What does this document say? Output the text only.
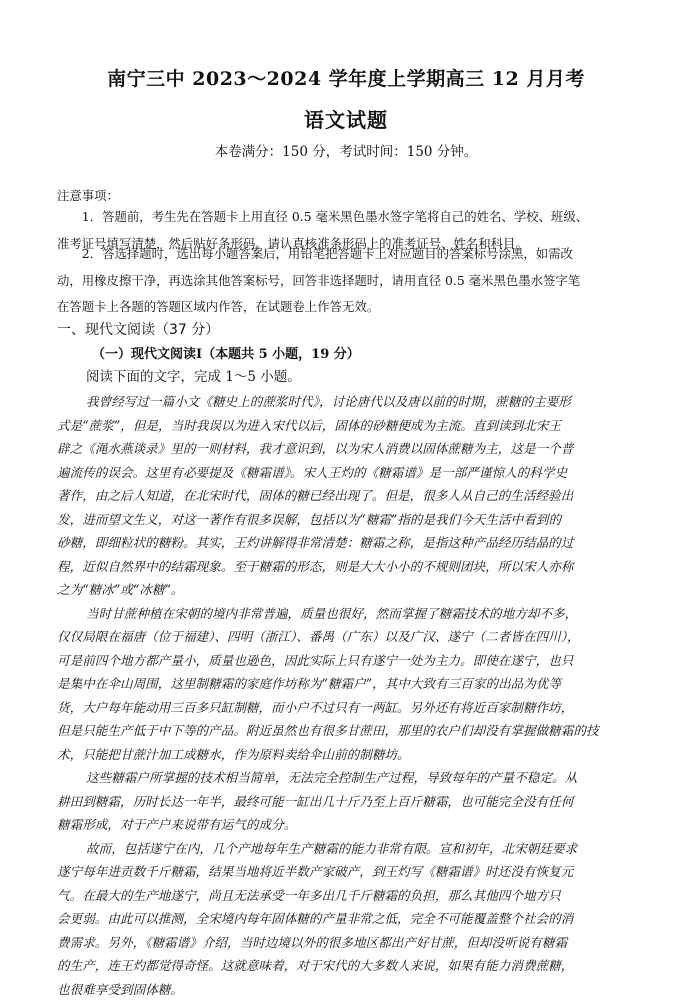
南宁三中 2023～2024 学年度上学期高三 12 月月考
语文试题
本卷满分：150 分，考试时间：150 分钟。
注意事项：
1．答题前，考生先在答题卡上用直径 0.5 毫米黑色墨水签字笔将自己的姓名、学校、班级、
准考证号填写清楚，然后贴好条形码。请认真核准条形码上的准考证号、姓名和科目。
2．答选择题时，选出每小题答案后，用铅笔把答题卡上对应题目的答案标号涂黑，如需改
动，用橡皮擦干净，再选涂其他答案标号，回答非选择题时，请用直径 0.5 毫米黑色墨水签字笔
在答题卡上各题的答题区域内作答，在试题卷上作答无效。
一、现代文阅读（37 分）
（一）现代文阅读Ⅰ（本题共 5 小题，19 分）
阅读下面的文字，完成 1～5 小题。
我曾经写过一篇小文《糖史上的蔗浆时代》，讨论唐代以及唐以前的时期，蔗糖的主要形
式是“蔗浆”，但是，当时我误以为进入宋代以后，固体的砂糖便成为主流。直到读到北宋王
辟之《渑水燕谈录》里的一则材料，我才意识到，以为宋人消费以固体蔗糖为主，这是一个普
遍流传的误会。这里有必要提及《糖霜谱》。宋人王灼的《糖霜谱》是一部严谨惊人的科学史
著作，由之后人知道，在北宋时代，固体的糖已经出现了。但是，很多人从自己的生活经验出
发，进而望文生义，对这一著作有很多误解，包括以为“糖霜”指的是我们今天生活中看到的
砂糖，即细粒状的糖粉。其实，王灼讲解得非常清楚：糖霜之称，是指这种产品经历结晶的过
程，近似自然界中的结霜现象。至于糖霜的形态，则是大大小小的不规则团块，所以宋人亦称
之为“糖冰”或“冰糖”。
当时甘蔗种植在宋朝的境内非常普遍，质量也很好，然而掌握了糖霜技术的地方却不多，
仅仅局限在福唐（位于福建）、四明（浙江）、番禺（广东）以及广汉、遂宁（二者皆在四川），
可是前四个地方都产量小，质量也逊色，因此实际上只有遂宁一处为主力。即使在遂宁，也只
是集中在伞山周围，这里制糖霜的家庭作坊称为“糖霜户”，其中大致有三百家的出品为优等
货，大户每年能动用三百多只缸制糖，而小户不过只有一两缸。另外还有将近百家制糖作坊，
但是只能生产低于中下等的产品。附近虽然也有很多甘蔗田，那里的农户们却没有掌握做糖霜的技
术，只能把甘蔗汁加工成糖水，作为原料卖给伞山前的制糖坊。
这些糖霜户所掌握的技术相当简单，无法完全控制生产过程，导致每年的产量不稳定。从
耕田到糖霜，历时长达一年半，最终可能一缸出几十斤乃至上百斤糖霜，也可能完全没有任何
糖霜形成，对于产户来说带有运气的成分。
故而，包括遂宁在内，几个产地每年生产糖霜的能力非常有限。宣和初年，北宋朝廷要求
遂宁每年进贡数千斤糖霜，结果当地将近半数产家破产，到王灼写《糖霜谱》时还没有恢复元
气。在最大的生产地遂宁，尚且无法承受一年多出几千斤糖霜的负担，那么其他四个地方只
会更弱。由此可以推测，全宋境内每年固体糖的产量非常之低，完全不可能覆盖整个社会的消
费需求。另外，《糖霜谱》介绍，当时边境以外的很多地区都出产好甘蔗，但却没听说有糖霜
的生产，连王灼都觉得奇怪。这就意味着，对于宋代的大多数人来说，如果有能力消费蔗糖，
也很难享受到固体糖。
